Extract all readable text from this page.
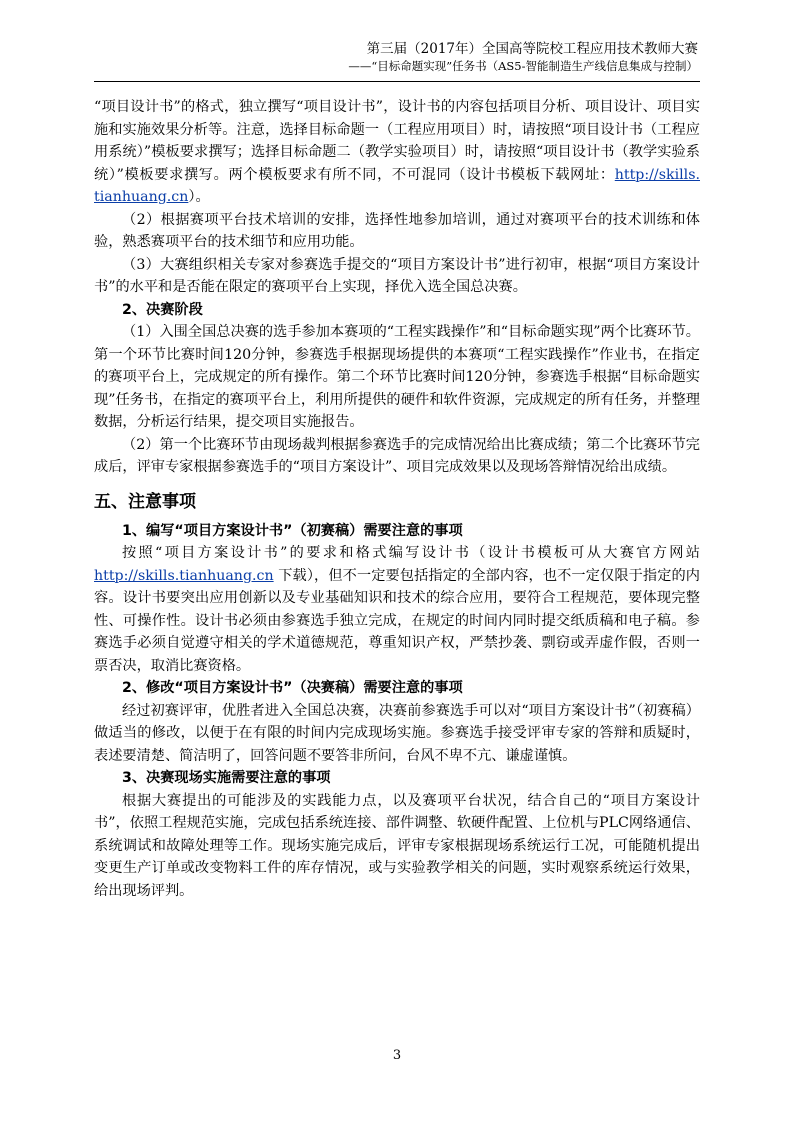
第三届（2017年）全国高等院校工程应用技术教师大赛
——“目标命题实现”任务书（AS5-智能制造生产线信息集成与控制）

“项目设计书”的格式，独立撰写“项目设计书”，设计书的内容包括项目分析、项目设计、项目实施和实施效果分析等。注意，选择目标命题一（工程应用项目）时，请按照“项目设计书（工程应用系统）”模板要求撰写；选择目标命题二（教学实验项目）时，请按照“项目设计书（教学实验系统）”模板要求撰写。两个模板要求有所不同，不可混同（设计书模板下载网址：http://skills. tianhuang.cn）。

（2）根据赛项平台技术培训的安排，选择性地参加培训，通过对赛项平台的技术训练和体验，熟悉赛项平台的技术细节和应用功能。

（3）大赛组织相关专家对参赛选手提交的“项目方案设计书”进行初审，根据“项目方案设计书”的水平和是否能在限定的赛项平台上实现，择优入选全国总决赛。

2、决赛阶段

（1）入围全国总决赛的选手参加本赛项的“工程实践操作”和“目标命题实现”两个比赛环节。第一个环节比赛时间120分钟，参赛选手根据现场提供的本赛项“工程实践操作”作业书，在指定的赛项平台上，完成规定的所有操作。第二个环节比赛时间120分钟，参赛选手根据“目标命题实现”任务书，在指定的赛项平台上，利用所提供的硬件和软件资源，完成规定的所有任务，并整理数据，分析运行结果，提交项目实施报告。

（2）第一个比赛环节由现场裁判根据参赛选手的完成情况给出比赛成绩；第二个比赛环节完成后，评审专家根据参赛选手的“项目方案设计”、项目完成效果以及现场答辩情况给出成绩。

五、注意事项
1、编写“项目方案设计书”（初赛稿）需要注意的事项

按照“项目方案设计书”的要求和格式编写设计书（设计书模板可从大赛官方网站http://skills.tianhuang.cn 下载），但不一定要包括指定的全部内容，也不一定仅限于指定的内容。设计书要突出应用创新以及专业基础知识和技术的综合应用，要符合工程规范，要体现完整性、可操作性。设计书必须由参赛选手独立完成，在规定的时间内同时提交纸质稿和电子稿。参赛选手必须自觉遵守相关的学术道德规范，尊重知识产权，严禁抄袭、剽窃或弄虚作假，否则一票否决，取消比赛资格。

2、修改“项目方案设计书”（决赛稿）需要注意的事项

经过初赛评审，优胜者进入全国总决赛，决赛前参赛选手可以对“项目方案设计书”（初赛稿）做适当的修改，以便于在有限的时间内完成现场实施。参赛选手接受评审专家的答辩和质疑时，表述要清楚、简洁明了，回答问题不要答非所问，台风不卑不亢、谦虚谨慎。

3、决赛现场实施需要注意的事项

根据大赛提出的可能涉及的实践能力点，以及赛项平台状况，结合自己的“项目方案设计书”，依照工程规范实施，完成包括系统连接、部件调整、软硬件配置、上位机与PLC网络通信、系统调试和故障处理等工作。现场实施完成后，评审专家根据现场系统运行工况，可能随机提出变更生产订单或改变物料工件的库存情况，或与实验教学相关的问题，实时观察系统运行效果，给出现场评判。

3
